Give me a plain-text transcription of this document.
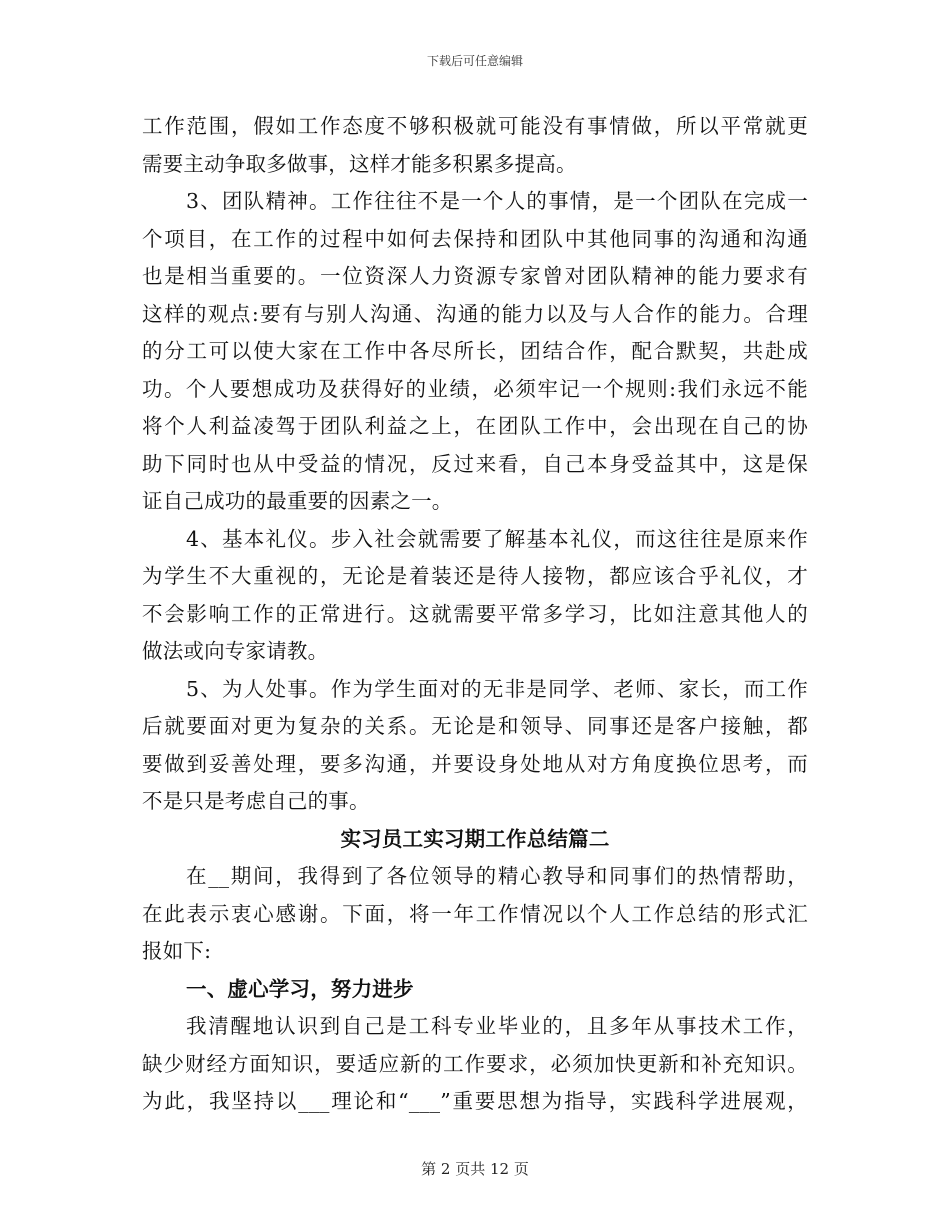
下载后可任意编辑
工作范围，假如工作态度不够积极就可能没有事情做，所以平常就更
需要主动争取多做事，这样才能多积累多提高。
3、团队精神。工作往往不是一个人的事情，是一个团队在完成一
个项目，在工作的过程中如何去保持和团队中其他同事的沟通和沟通
也是相当重要的。一位资深人力资源专家曾对团队精神的能力要求有
这样的观点:要有与别人沟通、沟通的能力以及与人合作的能力。合理
的分工可以使大家在工作中各尽所长，团结合作，配合默契，共赴成
功。个人要想成功及获得好的业绩，必须牢记一个规则:我们永远不能
将个人利益凌驾于团队利益之上，在团队工作中，会出现在自己的协
助下同时也从中受益的情况，反过来看，自己本身受益其中，这是保
证自己成功的最重要的因素之一。
4、基本礼仪。步入社会就需要了解基本礼仪，而这往往是原来作
为学生不大重视的，无论是着装还是待人接物，都应该合乎礼仪，才
不会影响工作的正常进行。这就需要平常多学习，比如注意其他人的
做法或向专家请教。
5、为人处事。作为学生面对的无非是同学、老师、家长，而工作
后就要面对更为复杂的关系。无论是和领导、同事还是客户接触，都
要做到妥善处理，要多沟通，并要设身处地从对方角度换位思考，而
不是只是考虑自己的事。
实习员工实习期工作总结篇二
在__期间，我得到了各位领导的精心教导和同事们的热情帮助，
在此表示衷心感谢。下面，将一年工作情况以个人工作总结的形式汇
报如下:
一、虚心学习，努力进步
我清醒地认识到自己是工科专业毕业的，且多年从事技术工作，
缺少财经方面知识，要适应新的工作要求，必须加快更新和补充知识。
为此，我坚持以___理论和“___”重要思想为指导，实践科学进展观，
第 2 页共 12 页
